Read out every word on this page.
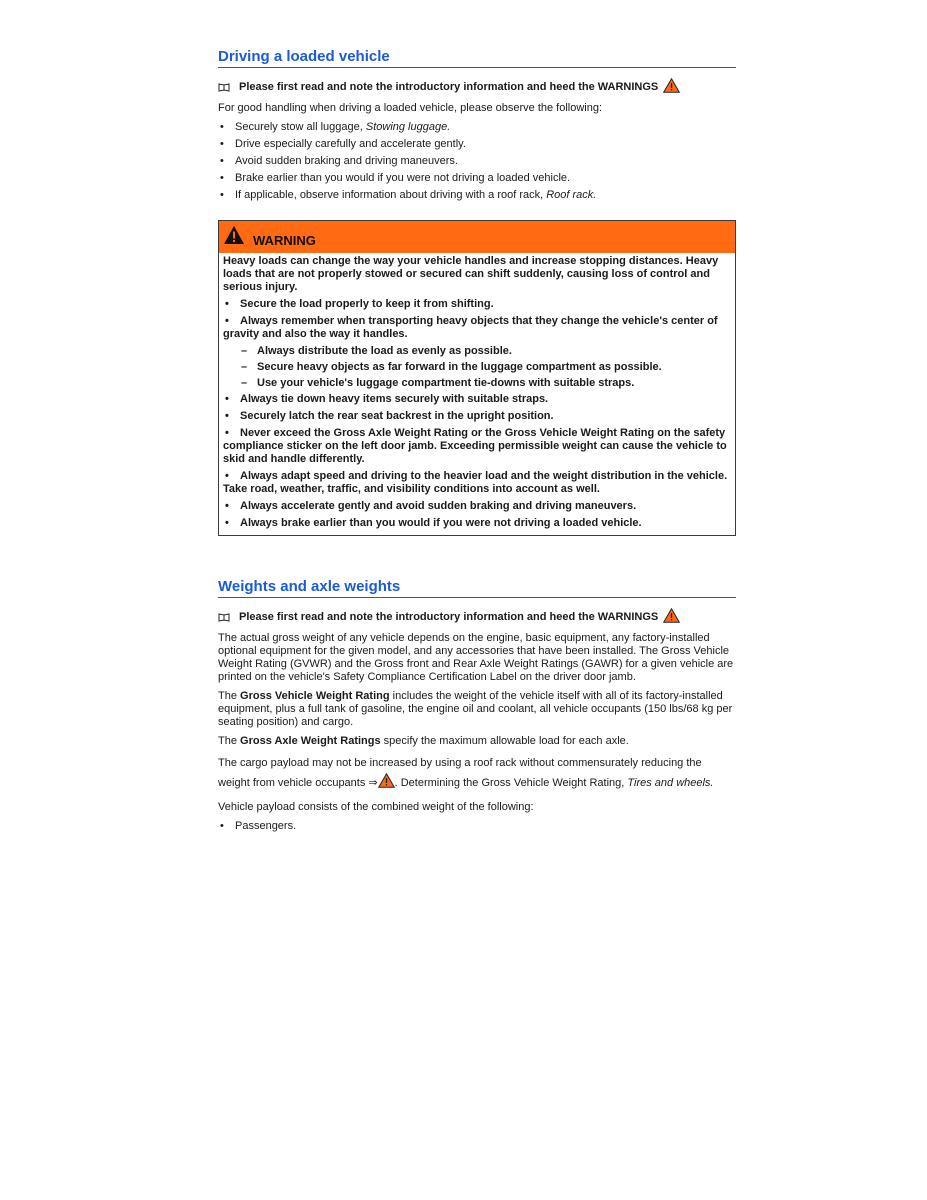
Driving a loaded vehicle
Please first read and note the introductory information and heed the WARNINGS

For good handling when driving a loaded vehicle, please observe the following:

• Securely stow all luggage, Stowing luggage.
• Drive especially carefully and accelerate gently.
• Avoid sudden braking and driving maneuvers.
• Brake earlier than you would if you were not driving a loaded vehicle.
• If applicable, observe information about driving with a roof rack, Roof rack.
WARNING

Heavy loads can change the way your vehicle handles and increase stopping distances. Heavy loads that are not properly stowed or secured can shift suddenly, causing loss of control and serious injury.

• Secure the load properly to keep it from shifting.

• Always remember when transporting heavy objects that they change the vehicle's center of gravity and also the way it handles.

– Always distribute the load as evenly as possible.

– Secure heavy objects as far forward in the luggage compartment as possible.

– Use your vehicle's luggage compartment tie-downs with suitable straps.

• Always tie down heavy items securely with suitable straps.

• Securely latch the rear seat backrest in the upright position.

• Never exceed the Gross Axle Weight Rating or the Gross Vehicle Weight Rating on the safety compliance sticker on the left door jamb. Exceeding permissible weight can cause the vehicle to skid and handle differently.

• Always adapt speed and driving to the heavier load and the weight distribution in the vehicle. Take road, weather, traffic, and visibility conditions into account as well.

• Always accelerate gently and avoid sudden braking and driving maneuvers.

• Always brake earlier than you would if you were not driving a loaded vehicle.

Weights and axle weights
Please first read and note the introductory information and heed the WARNINGS

The actual gross weight of any vehicle depends on the engine, basic equipment, any factory-installed optional equipment for the given model, and any accessories that have been installed. The Gross Vehicle Weight Rating (GVWR) and the Gross front and Rear Axle Weight Ratings (GAWR) for a given vehicle are printed on the vehicle's Safety Compliance Certification Label on the driver door jamb.

The Gross Vehicle Weight Rating includes the weight of the vehicle itself with all of its factory-installed equipment, plus a full tank of gasoline, the engine oil and coolant, all vehicle occupants (150 lbs/68 kg per seating position) and cargo.

The Gross Axle Weight Ratings specify the maximum allowable load for each axle.

The cargo payload may not be increased by using a roof rack without commensurately reducing the weight from vehicle occupants ⇒ . Determining the Gross Vehicle Weight Rating, Tires and wheels.

Vehicle payload consists of the combined weight of the following:

• Passengers.
